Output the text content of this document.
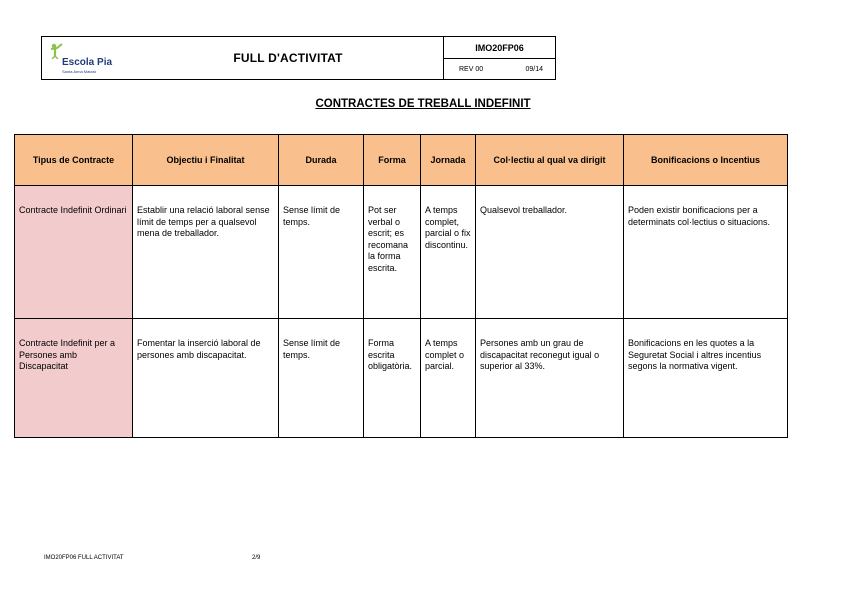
Escola Pia
Santa Anna Mataró
FULL D'ACTIVITAT
IMO20FP06
REV 00	09/14
CONTRACTES DE TREBALL INDEFINIT
Tipus de Contracte	Objectiu i Finalitat	Durada	Forma	Jornada	Col·lectiu al qual va dirigit	Bonificacions o Incentius
Contracte Indefinit Ordinari	Establir una relació laboral sense límit de temps per a qualsevol mena de treballador.	Sense límit de temps.	Pot ser verbal o escrit; es recomana la forma escrita.	A temps complet, parcial o fix discontinu.	Qualsevol treballador.	Poden existir bonificacions per a determinats col·lectius o situacions.
Contracte Indefinit per a Persones amb Discapacitat	Fomentar la inserció laboral de persones amb discapacitat.	Sense límit de temps.	Forma escrita obligatòria.	A temps complet o parcial.	Persones amb un grau de discapacitat reconegut igual o superior al 33%.	Bonificacions en les quotes a la Seguretat Social i altres incentius segons la normativa vigent.
IMO20FP06 FULL ACTIVITAT	2/9
